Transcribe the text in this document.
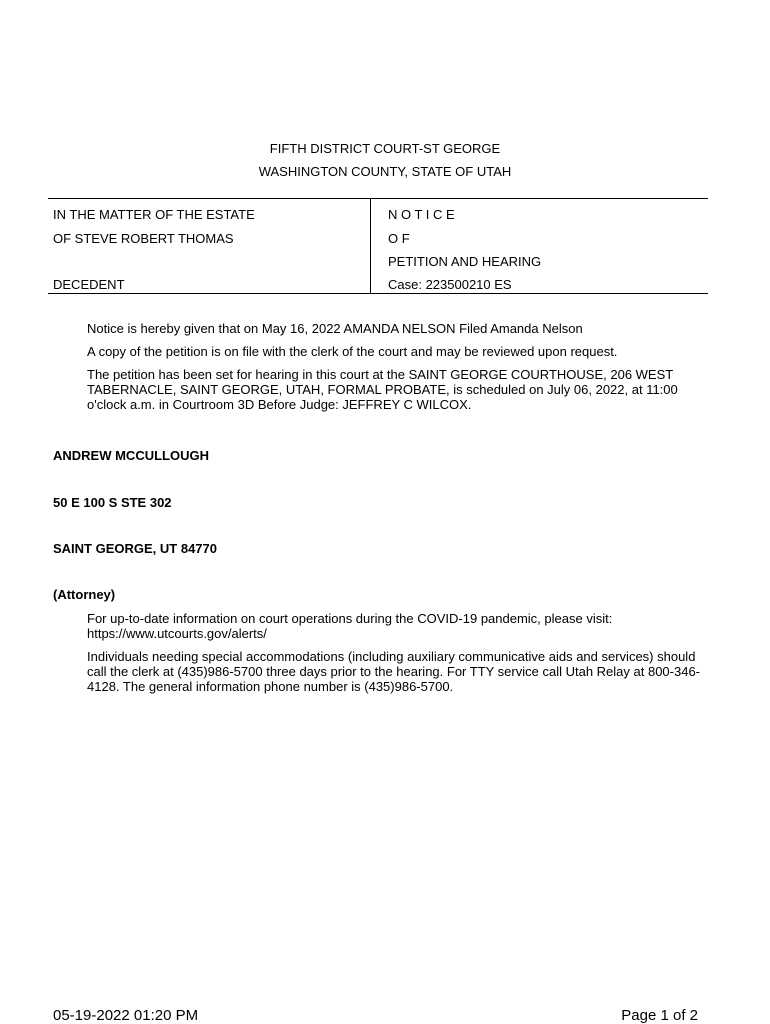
FIFTH DISTRICT COURT-ST GEORGE
WASHINGTON COUNTY, STATE OF UTAH
IN THE MATTER OF THE ESTATE
OF STEVE ROBERT THOMAS
DECEDENT
N O T I C E
O F
PETITION AND HEARING
Case: 223500210 ES

Notice is hereby given that on May 16, 2022 AMANDA NELSON Filed Amanda Nelson

A copy of the petition is on file with the clerk of the court and may be reviewed upon request.

The petition has been set for hearing in this court at the SAINT GEORGE COURTHOUSE, 206 WEST TABERNACLE, SAINT GEORGE, UTAH, FORMAL PROBATE, is scheduled on July 06, 2022, at 11:00 o'clock a.m. in Courtroom 3D Before Judge: JEFFREY C WILCOX.

ANDREW MCCULLOUGH
50 E 100 S STE 302
SAINT GEORGE, UT 84770
(Attorney)

For up-to-date information on court operations during the COVID-19 pandemic, please visit: https://www.utcourts.gov/alerts/

Individuals needing special accommodations (including auxiliary communicative aids and services) should call the clerk at (435)986-5700 three days prior to the hearing. For TTY service call Utah Relay at 800-346-4128. The general information phone number is (435)986-5700.

05-19-2022 01:20 PM	Page 1 of 2
